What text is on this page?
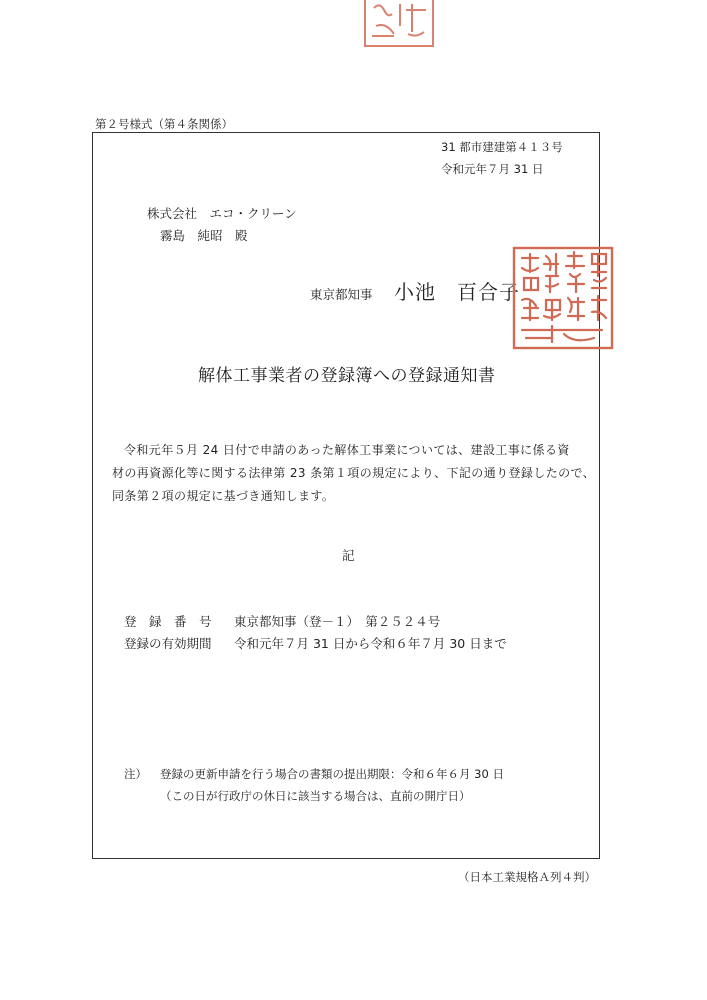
第２号様式（第４条関係）
31 都市建建第４１３号
令和元年７月 31 日
株式会社　エコ・クリーン
霧島　純昭　殿
東京都知事 小池　百合子
解体工事業者の登録簿への登録通知書
令和元年５月 24 日付で申請のあった解体工事業については、建設工事に係る資
材の再資源化等に関する法律第 23 条第１項の規定により、下記の通り登録したので、
同条第２項の規定に基づき通知します。
記
登　録　番　号 東京都知事（登－１）　第２５２４号
登録の有効期間 令和元年７月 31 日から令和６年７月 30 日まで
注） 登録の更新申請を行う場合の書類の提出期限：令和６年６月 30 日
（この日が行政庁の休日に該当する場合は、直前の開庁日）
（日本工業規格Ａ列４判）
